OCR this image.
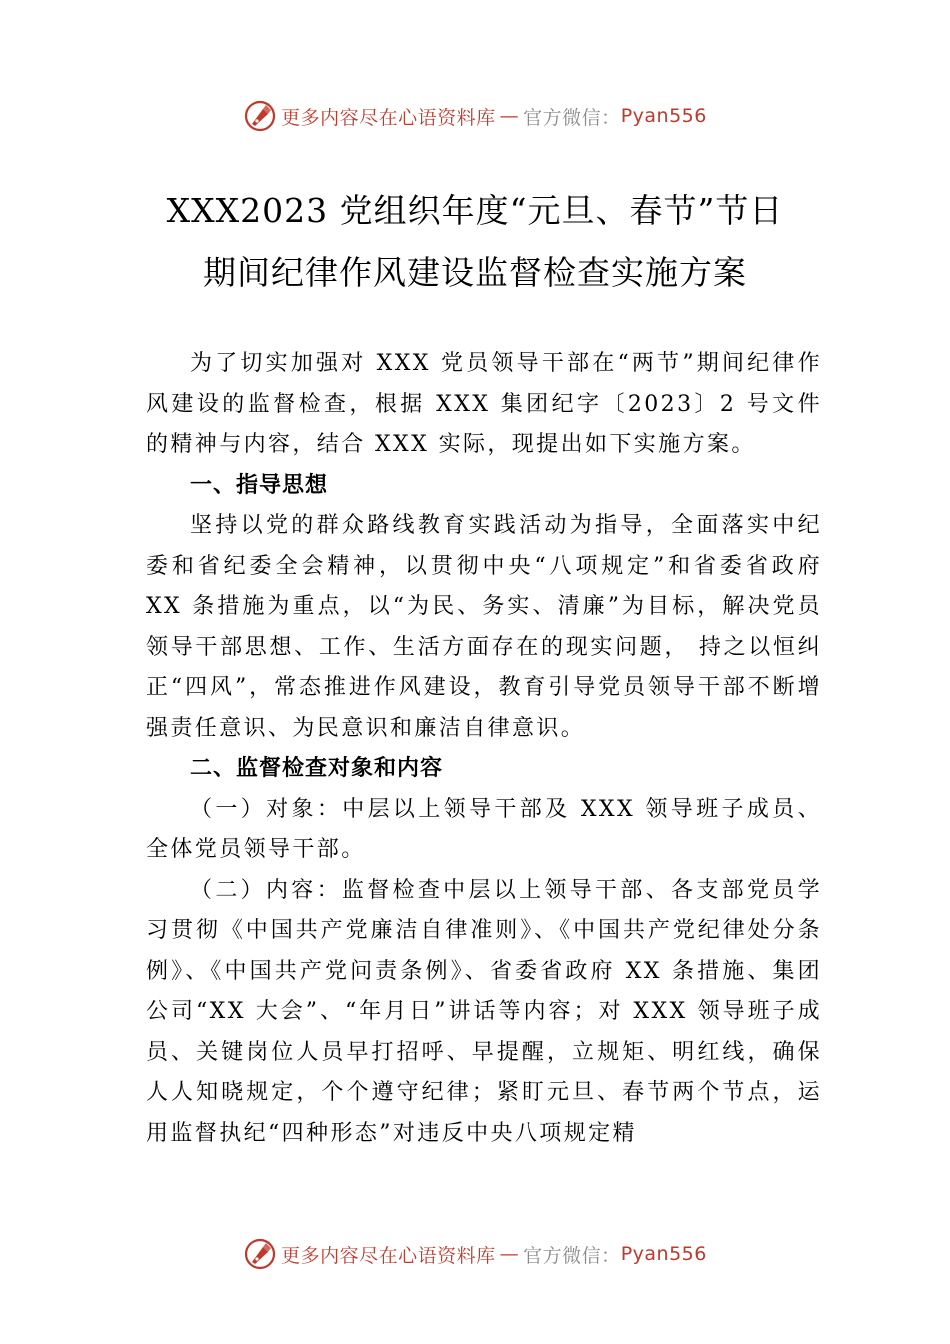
更多内容尽在心语资料库 — 官方微信： Pyan556
XXX2023 党组织年度“元旦、春节”节日
期间纪律作风建设监督检查实施方案

为了切实加强对 XXX 党员领导干部在“两节”期间纪律作风建设的监督检查，根据 XXX 集团纪字〔2023〕2 号文件的精神与内容，结合 XXX 实际，现提出如下实施方案。

一、指导思想

坚持以党的群众路线教育实践活动为指导，全面落实中纪委和省纪委全会精神，以贯彻中央“八项规定”和省委省政府 XX 条措施为重点，以“为民、务实、清廉”为目标，解决党员领导干部思想、工作、生活方面存在的现实问题， 持之以恒纠正“四风”，常态推进作风建设，教育引导党员领导干部不断增强责任意识、为民意识和廉洁自律意识。

二、监督检查对象和内容

（一）对象：中层以上领导干部及 XXX 领导班子成员、全体党员领导干部。

（二）内容：监督检查中层以上领导干部、各支部党员学习贯彻《中国共产党廉洁自律准则》、《中国共产党纪律处分条例》、《中国共产党问责条例》、省委省政府 XX 条措施、集团公司“XX 大会”、“年月日”讲话等内容；对 XXX 领导班子成员、关键岗位人员早打招呼、早提醒，立规矩、明红线，确保人人知晓规定，个个遵守纪律；紧盯元旦、春节两个节点，运用监督执纪“四种形态”对违反中央八项规定精

更多内容尽在心语资料库 — 官方微信： Pyan556
